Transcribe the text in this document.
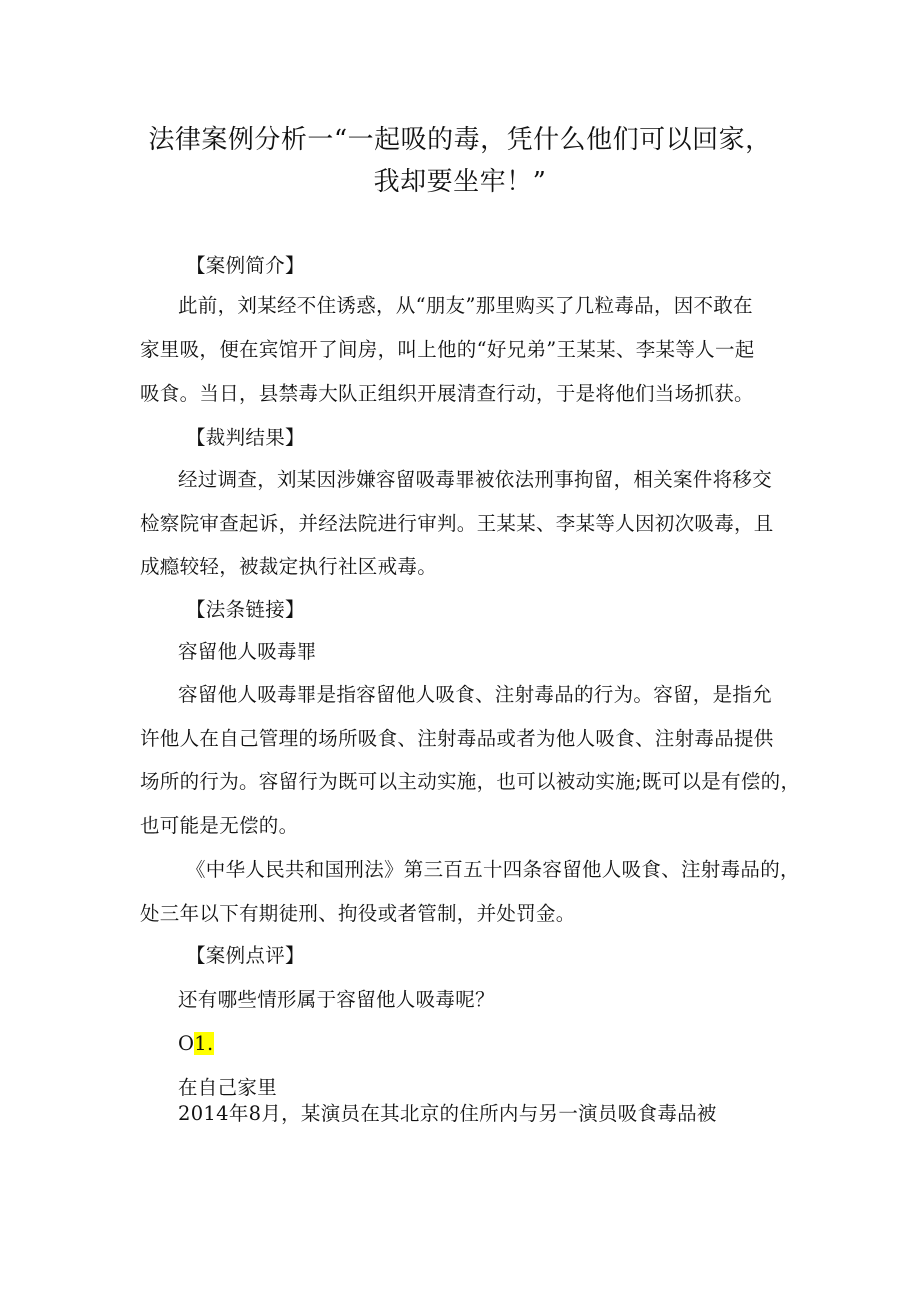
法律案例分析一“一起吸的毒，凭什么他们可以回家，
我却要坐牢！”
【案例简介】
此前，刘某经不住诱惑，从“朋友”那里购买了几粒毒品，因不敢在
家里吸，便在宾馆开了间房，叫上他的“好兄弟”王某某、李某等人一起
吸食。当日，县禁毒大队正组织开展清查行动，于是将他们当场抓获。
【裁判结果】
经过调查，刘某因涉嫌容留吸毒罪被依法刑事拘留，相关案件将移交
检察院审查起诉，并经法院进行审判。王某某、李某等人因初次吸毒，且
成瘾较轻，被裁定执行社区戒毒。
【法条链接】
容留他人吸毒罪
容留他人吸毒罪是指容留他人吸食、注射毒品的行为。容留，是指允
许他人在自己管理的场所吸食、注射毒品或者为他人吸食、注射毒品提供
场所的行为。容留行为既可以主动实施，也可以被动实施;既可以是有偿的，
也可能是无偿的。
《中华人民共和国刑法》第三百五十四条容留他人吸食、注射毒品的，
处三年以下有期徒刑、拘役或者管制，并处罚金。
【案例点评】
还有哪些情形属于容留他人吸毒呢？
O1.
在自己家里
2014年8月，某演员在其北京的住所内与另一演员吸食毒品被
